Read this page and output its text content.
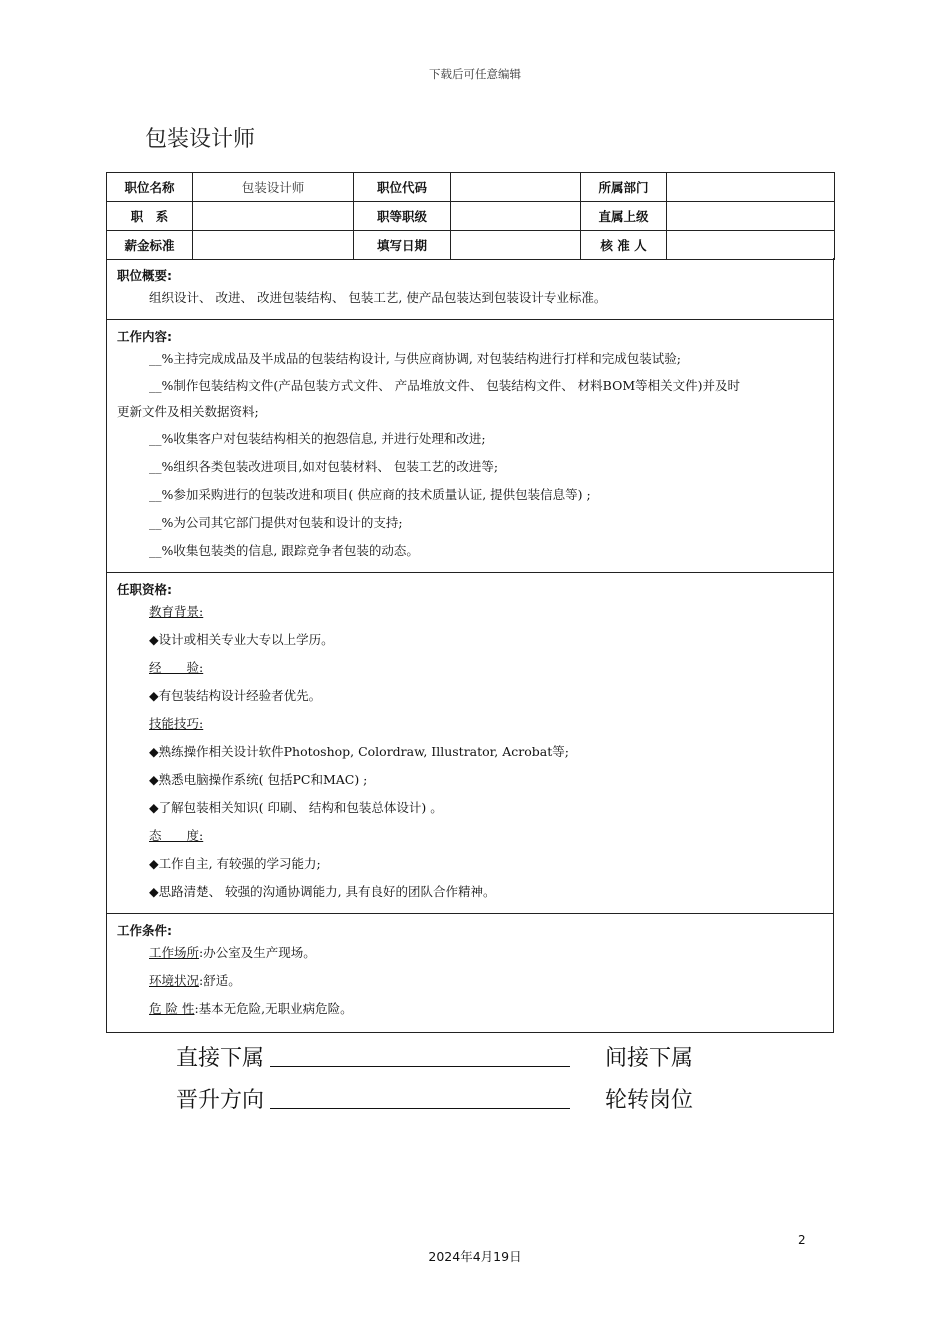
下载后可任意编辑
包装设计师
职位名称	包装设计师	职位代码		所属部门	
职　系		职等职级		直属上级	
薪金标准		填写日期		核 准 人	
职位概要:
组织设计、 改进、 改进包装结构、 包装工艺, 使产品包装达到包装设计专业标准。
工作内容:
__%主持完成成品及半成品的包装结构设计, 与供应商协调, 对包装结构进行打样和完成包装试验;
__%制作包装结构文件(产品包装方式文件、 产品堆放文件、 包装结构文件、 材料BOM等相关文件)并及时
更新文件及相关数据资料;
__%收集客户对包装结构相关的抱怨信息, 并进行处理和改进;
__%组织各类包装改进项目,如对包装材料、 包装工艺的改进等;
__%参加采购进行的包装改进和项目( 供应商的技术质量认证, 提供包装信息等) ;
__%为公司其它部门提供对包装和设计的支持;
__%收集包装类的信息, 跟踪竞争者包装的动态。
任职资格:
教育背景:
◆设计或相关专业大专以上学历。
经　　验:
◆有包装结构设计经验者优先。
技能技巧:
◆熟练操作相关设计软件Photoshop, Colordraw, Illustrator, Acrobat等;
◆熟悉电脑操作系统( 包括PC和MAC) ;
◆了解包装相关知识( 印刷、 结构和包装总体设计) 。
态　　度:
◆工作自主, 有较强的学习能力;
◆思路清楚、 较强的沟通协调能力, 具有良好的团队合作精神。
工作条件:
工作场所:办公室及生产现场。
环境状况:舒适。
危 险 性:基本无危险,无职业病危险。
直接下属	间接下属
晋升方向	轮转岗位
2
2024年4月19日
